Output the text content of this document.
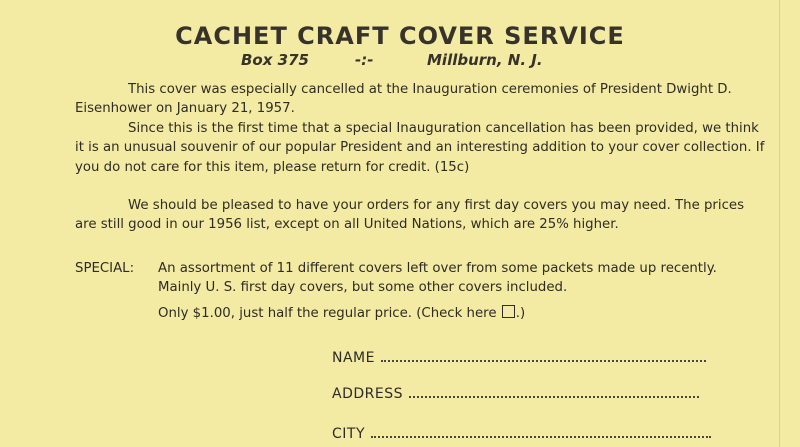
CACHET CRAFT COVER SERVICE
Box 375	-:-	Millburn, N. J.

This cover was especially cancelled at the Inauguration ceremonies of President Dwight D. Eisenhower on January 21, 1957.

Since this is the first time that a special Inauguration cancellation has been provided, we think it is an unusual souvenir of our popular President and an interesting addition to your cover collection. If you do not care for this item, please return for credit. (15c)

We should be pleased to have your orders for any first day covers you may need. The prices are still good in our 1956 list, except on all United Nations, which are 25% higher.

SPECIAL: An assortment of 11 different covers left over from some packets made up recently. Mainly U. S. first day covers, but some other covers included.

Only $1.00, just half the regular price. (Check here .)
NAME
ADDRESS
CITY
